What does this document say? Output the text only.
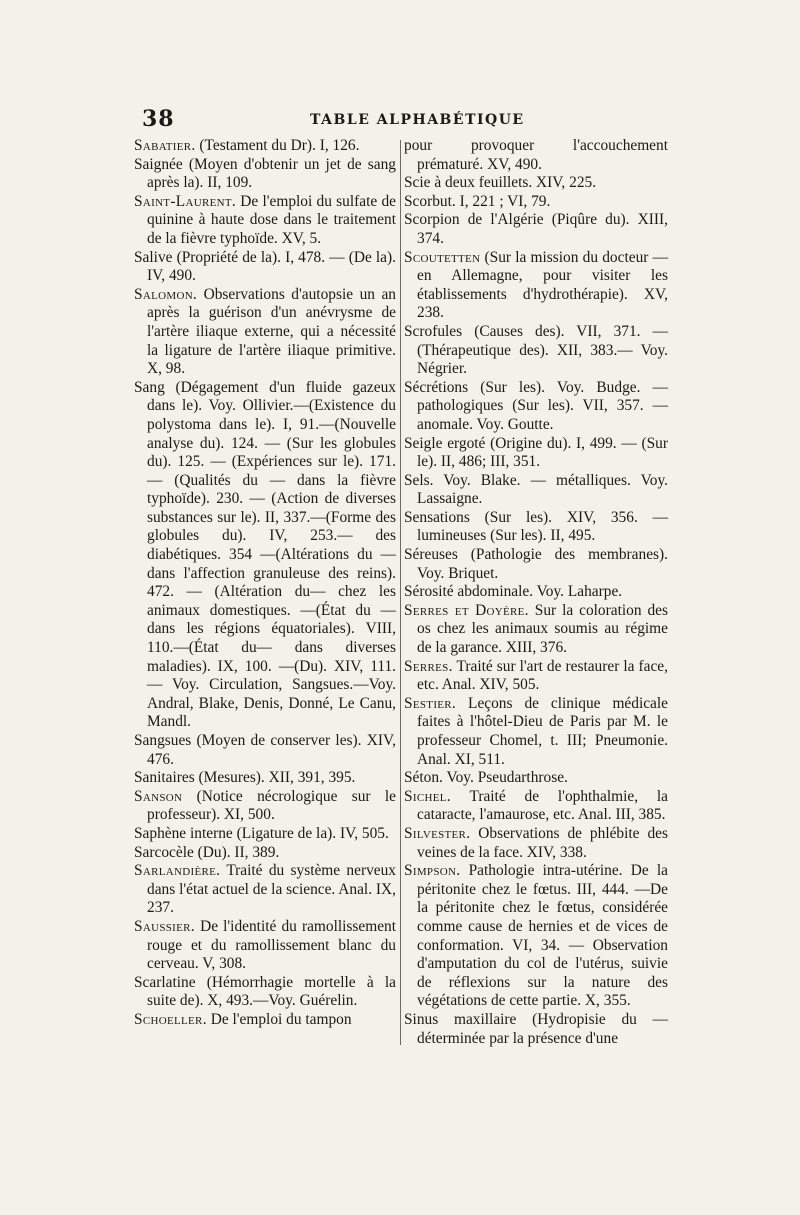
38	TABLE ALPHABÉTIQUE

Sabatier. (Testament du Dr). I, 126.

Saignée (Moyen d'obtenir un jet de sang après la). II, 109.

Saint-Laurent. De l'emploi du sulfate de quinine à haute dose dans le traitement de la fièvre typhoïde. XV, 5.

Salive (Propriété de la). I, 478. — (De la). IV, 490.

Salomon. Observations d'autopsie un an après la guérison d'un anévrysme de l'artère iliaque externe, qui a nécessité la ligature de l'artère iliaque primitive. X, 98.

Sang (Dégagement d'un fluide gazeux dans le). Voy. Ollivier.—(Existence du polystoma dans le). I, 91.—(Nouvelle analyse du). 124. — (Sur les globules du). 125. — (Expériences sur le). 171. — (Qualités du — dans la fièvre typhoïde). 230. — (Action de diverses substances sur le). II, 337.—(Forme des globules du). IV, 253.— des diabétiques. 354 —(Altérations du — dans l'affection granuleuse des reins). 472. — (Altération du— chez les animaux domestiques. —(État du —dans les régions équatoriales). VIII, 110.—(État du— dans diverses maladies). IX, 100. —(Du). XIV, 111. — Voy. Circulation, Sangsues.—Voy. Andral, Blake, Denis, Donné, Le Canu, Mandl.

Sangsues (Moyen de conserver les). XIV, 476.

Sanitaires (Mesures). XII, 391, 395.

Sanson (Notice nécrologique sur le professeur). XI, 500.

Saphène interne (Ligature de la). IV, 505.

Sarcocèle (Du). II, 389.

Sarlandière. Traité du système nerveux dans l'état actuel de la science. Anal. IX, 237.

Saussier. De l'identité du ramollissement rouge et du ramollissement blanc du cerveau. V, 308.

Scarlatine (Hémorrhagie mortelle à la suite de). X, 493.—Voy. Guérelin.

Schoeller. De l'emploi du tampon

pour provoquer l'accouchement prématuré. XV, 490.

Scie à deux feuillets. XIV, 225.

Scorbut. I, 221 ; VI, 79.

Scorpion de l'Algérie (Piqûre du). XIII, 374.

Scoutetten (Sur la mission du docteur — en Allemagne, pour visiter les établissements d'hydrothérapie). XV, 238.

Scrofules (Causes des). VII, 371. — (Thérapeutique des). XII, 383.— Voy. Négrier.

Sécrétions (Sur les). Voy. Budge. — pathologiques (Sur les). VII, 357. — anomale. Voy. Goutte.

Seigle ergoté (Origine du). I, 499. — (Sur le). II, 486; III, 351.

Sels. Voy. Blake. — métalliques. Voy. Lassaigne.

Sensations (Sur les). XIV, 356. — lumineuses (Sur les). II, 495.

Séreuses (Pathologie des membranes). Voy. Briquet.

Sérosité abdominale. Voy. Laharpe.

Serres et Doyère. Sur la coloration des os chez les animaux soumis au régime de la garance. XIII, 376.

Serres. Traité sur l'art de restaurer la face, etc. Anal. XIV, 505.

Sestier. Leçons de clinique médicale faites à l'hôtel-Dieu de Paris par M. le professeur Chomel, t. III; Pneumonie. Anal. XI, 511.

Séton. Voy. Pseudarthrose.

Sichel. Traité de l'ophthalmie, la cataracte, l'amaurose, etc. Anal. III, 385.

Silvester. Observations de phlébite des veines de la face. XIV, 338.

Simpson. Pathologie intra-utérine. De la péritonite chez le fœtus. III, 444. —De la péritonite chez le fœtus, considérée comme cause de hernies et de vices de conformation. VI, 34. — Observation d'amputation du col de l'utérus, suivie de réflexions sur la nature des végétations de cette partie. X, 355.

Sinus maxillaire (Hydropisie du — déterminée par la présence d'une
